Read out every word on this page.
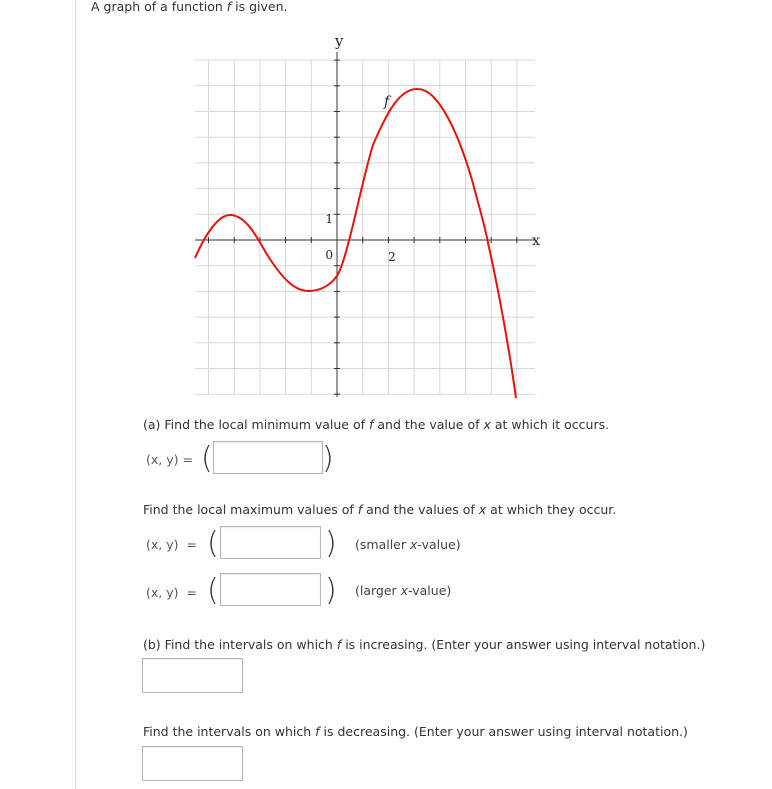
A graph of a function f is given.
y
x
f
1
0	2
(a) Find the local minimum value of f and the value of x at which it occurs.
(x, y) = (	)
Find the local maximum values of f and the values of x at which they occur.
(x, y) = (	) (smaller x-value)
(x, y) = (	) (larger x-value)
(b) Find the intervals on which f is increasing. (Enter your answer using interval notation.)
Find the intervals on which f is decreasing. (Enter your answer using interval notation.)
